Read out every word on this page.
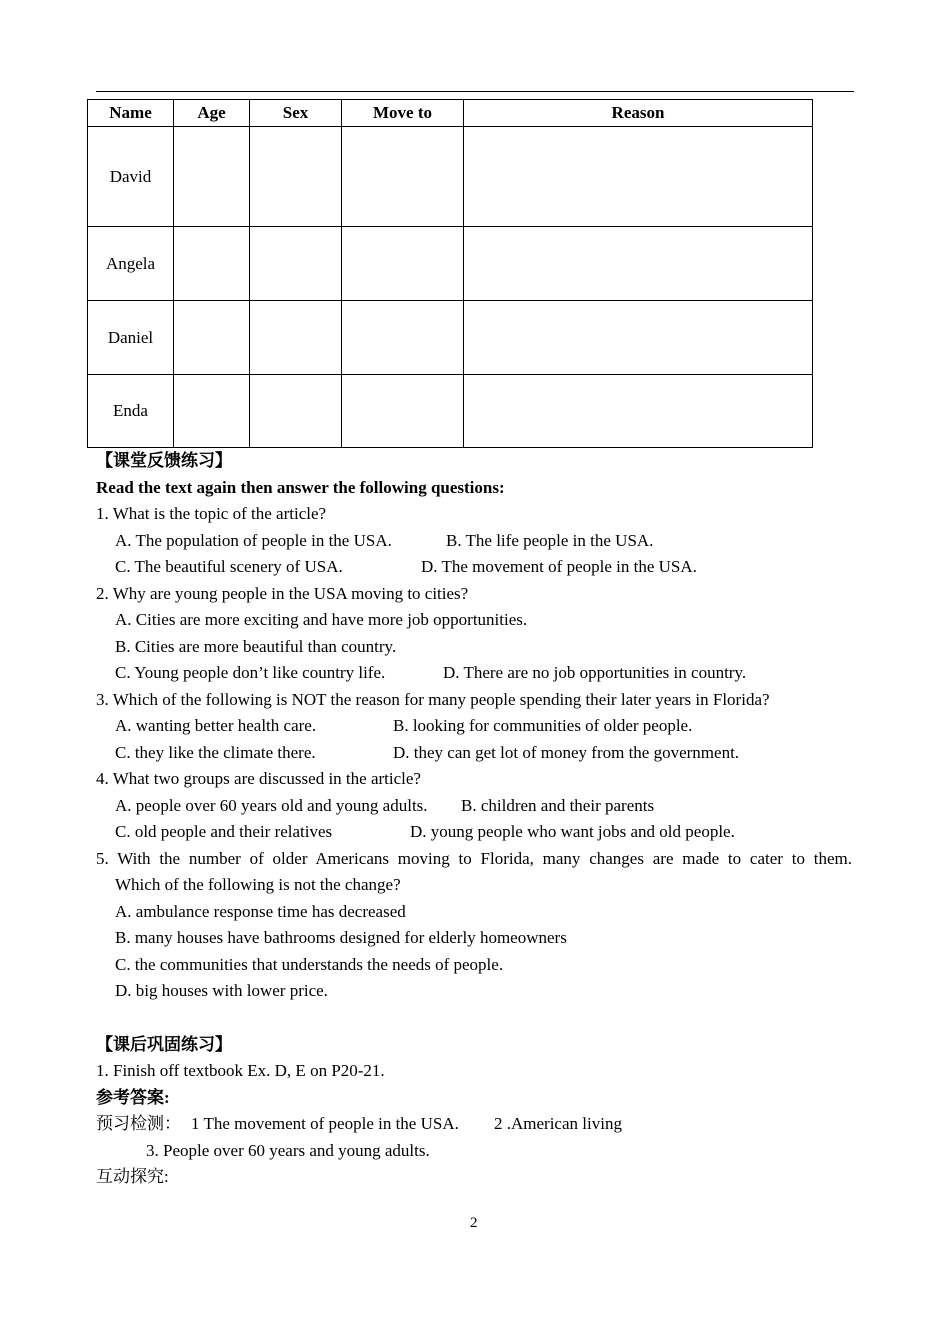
Name	Age	Sex	Move to	Reason
David				
Angela				
Daniel				
Enda				
【课堂反馈练习】
Read the text again then answer the following questions:
1. What is the topic of the article?
A. The population of people in the USA.	B. The life people in the USA.
C. The beautiful scenery of USA.	D. The movement of people in the USA.
2. Why are young people in the USA moving to cities?
A. Cities are more exciting and have more job opportunities.
B. Cities are more beautiful than country.
C. Young people don’t like country life.	D. There are no job opportunities in country.
3. Which of the following is NOT the reason for many people spending their later years in Florida?
A. wanting better health care.	B. looking for communities of older people.
C. they like the climate there.	D. they can get lot of money from the government.
4. What two groups are discussed in the article?
A. people over 60 years old and young adults. B. children and their parents
C. old people and their relatives	D. young people who want jobs and old people.
5. With the number of older Americans moving to Florida, many changes are made to cater to them.
Which of the following is not the change?
A. ambulance response time has decreased
B. many houses have bathrooms designed for elderly homeowners
C. the communities that understands the needs of people.
D. big houses with lower price.
【课后巩固练习】
1. Finish off textbook Ex. D, E on P20-21.
参考答案:
预习检测： 1 The movement of people in the USA. 2 .American living
3. People over 60 years and young adults.
互动探究:
2
